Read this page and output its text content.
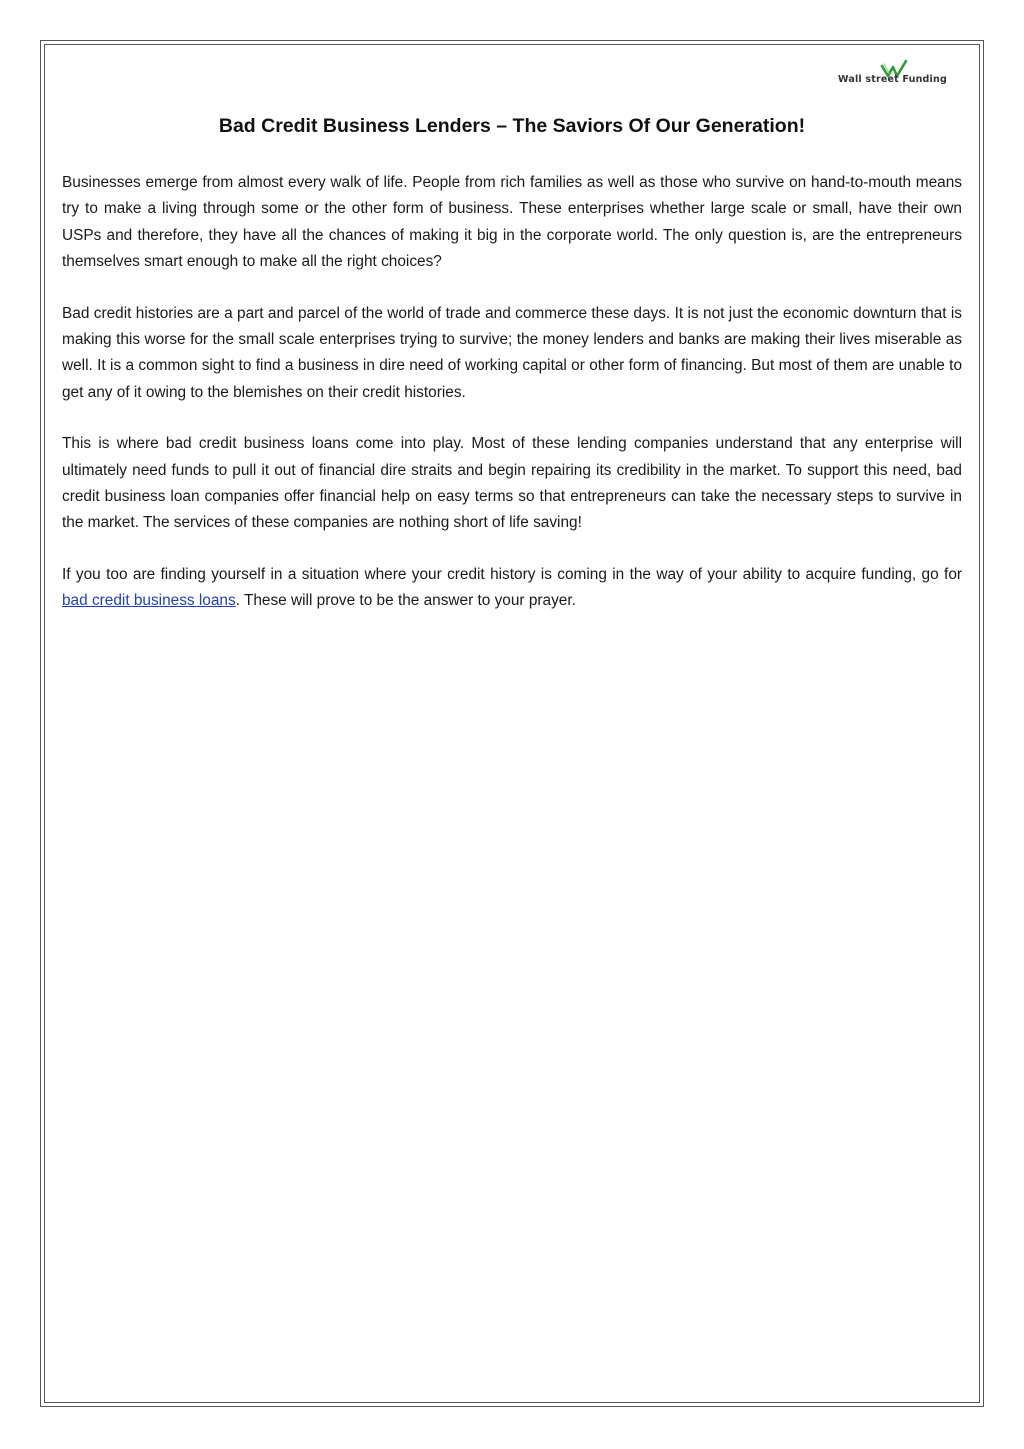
Wall street Funding
Bad Credit Business Lenders – The Saviors Of Our Generation!

Businesses emerge from almost every walk of life. People from rich families as well as those who survive on hand-to-mouth means try to make a living through some or the other form of business. These enterprises whether large scale or small, have their own USPs and therefore, they have all the chances of making it big in the corporate world. The only question is, are the entrepreneurs themselves smart enough to make all the right choices?

Bad credit histories are a part and parcel of the world of trade and commerce these days. It is not just the economic downturn that is making this worse for the small scale enterprises trying to survive; the money lenders and banks are making their lives miserable as well. It is a common sight to find a business in dire need of working capital or other form of financing. But most of them are unable to get any of it owing to the blemishes on their credit histories.

This is where bad credit business loans come into play. Most of these lending companies understand that any enterprise will ultimately need funds to pull it out of financial dire straits and begin repairing its credibility in the market. To support this need, bad credit business loan companies offer financial help on easy terms so that entrepreneurs can take the necessary steps to survive in the market. The services of these companies are nothing short of life saving!

If you too are finding yourself in a situation where your credit history is coming in the way of your ability to acquire funding, go for bad credit business loans. These will prove to be the answer to your prayer.
